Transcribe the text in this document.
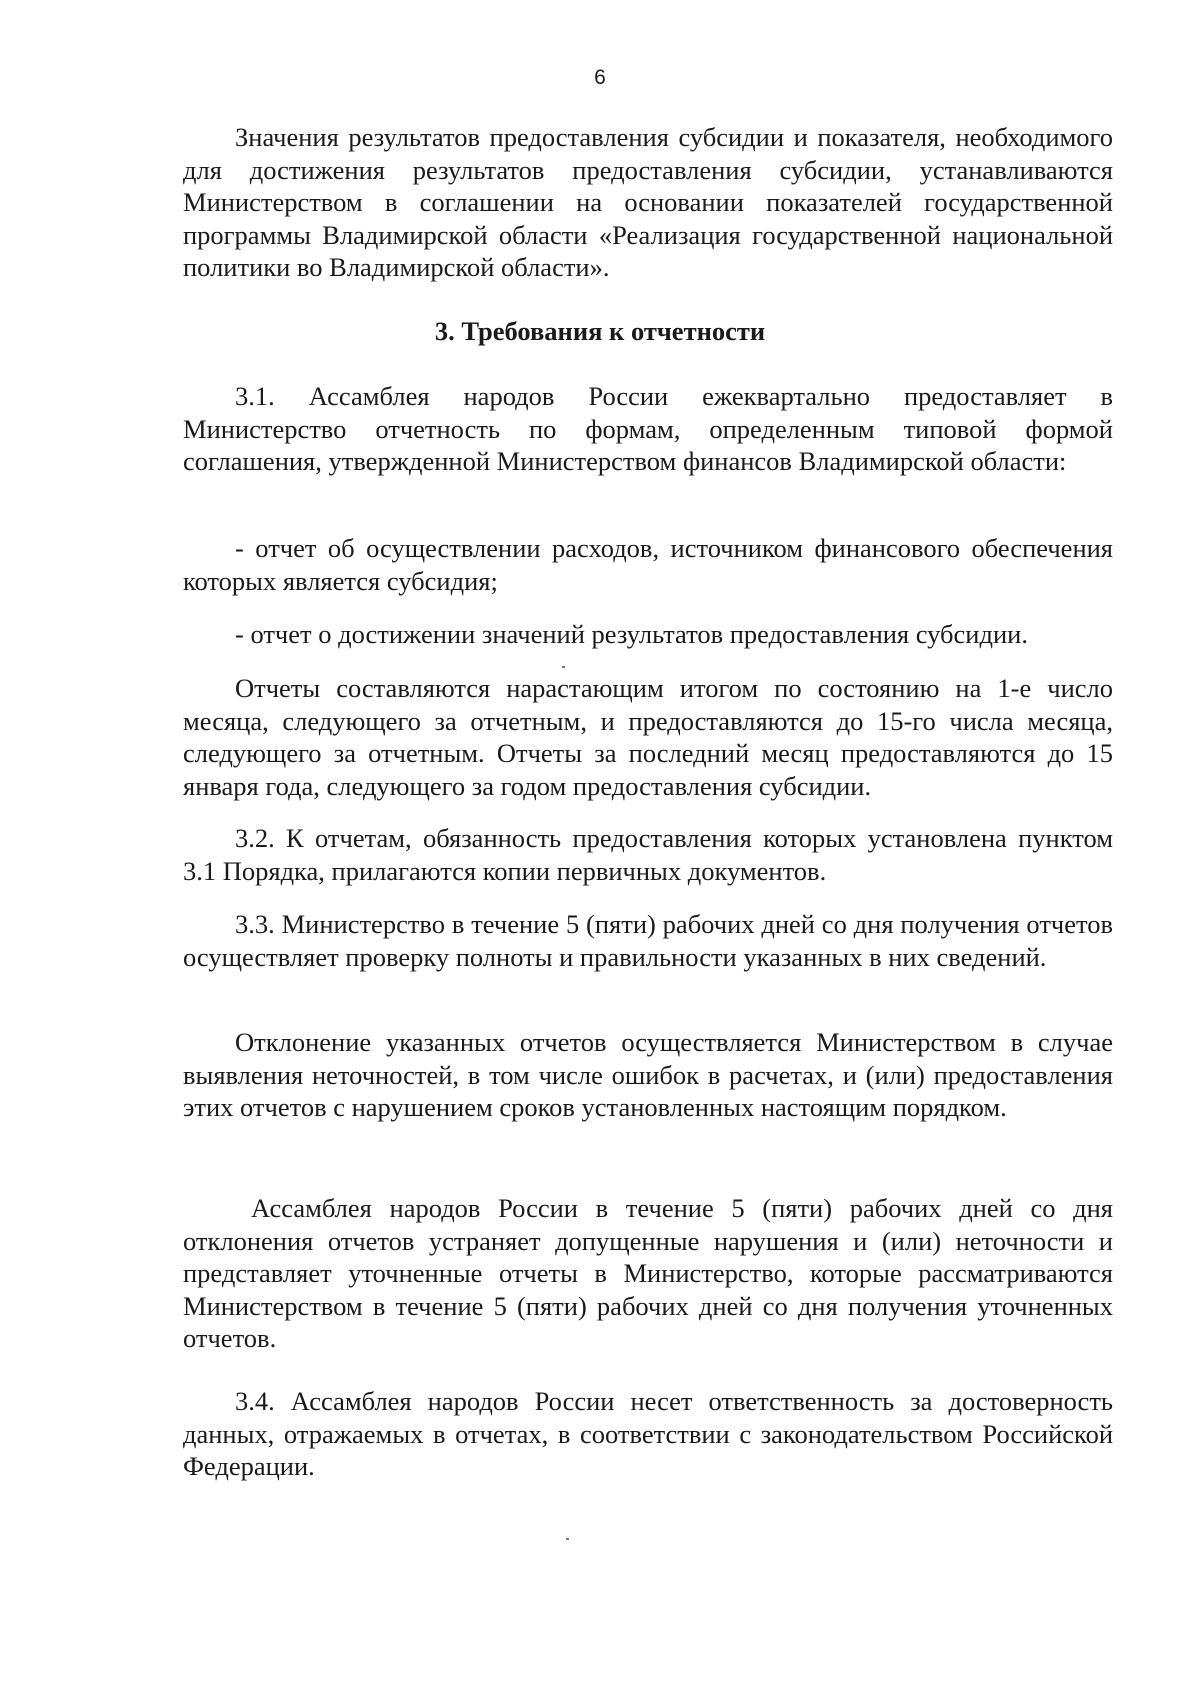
6

Значения результатов предоставления субсидии и показателя, необходимого для достижения результатов предоставления субсидии, устанавливаются Министерством в соглашении на основании показателей государственной программы Владимирской области «Реализация государственной национальной политики во Владимирской области».

3. Требования к отчетности

3.1. Ассамблея народов России ежеквартально предоставляет в Министерство отчетность по формам, определенным типовой формой соглашения, утвержденной Министерством финансов Владимирской области:

- отчет об осуществлении расходов, источником финансового обеспечения которых является субсидия;

- отчет о достижении значений результатов предоставления субсидии.

Отчеты составляются нарастающим итогом по состоянию на 1-е число месяца, следующего за отчетным, и предоставляются до 15-го числа месяца, следующего за отчетным. Отчеты за последний месяц предоставляются до 15 января года, следующего за годом предоставления субсидии.

3.2. К отчетам, обязанность предоставления которых установлена пунктом 3.1 Порядка, прилагаются копии первичных документов.

3.3. Министерство в течение 5 (пяти) рабочих дней со дня получения отчетов осуществляет проверку полноты и правильности указанных в них сведений.

Отклонение указанных отчетов осуществляется Министерством в случае выявления неточностей, в том числе ошибок в расчетах, и (или) предоставления этих отчетов с нарушением сроков установленных настоящим порядком.

Ассамблея народов России в течение 5 (пяти) рабочих дней со дня отклонения отчетов устраняет допущенные нарушения и (или) неточности и представляет уточненные отчеты в Министерство, которые рассматриваются Министерством в течение 5 (пяти) рабочих дней со дня получения уточненных отчетов.

3.4. Ассамблея народов России несет ответственность за достоверность данных, отражаемых в отчетах, в соответствии с законодательством Российской Федерации.
